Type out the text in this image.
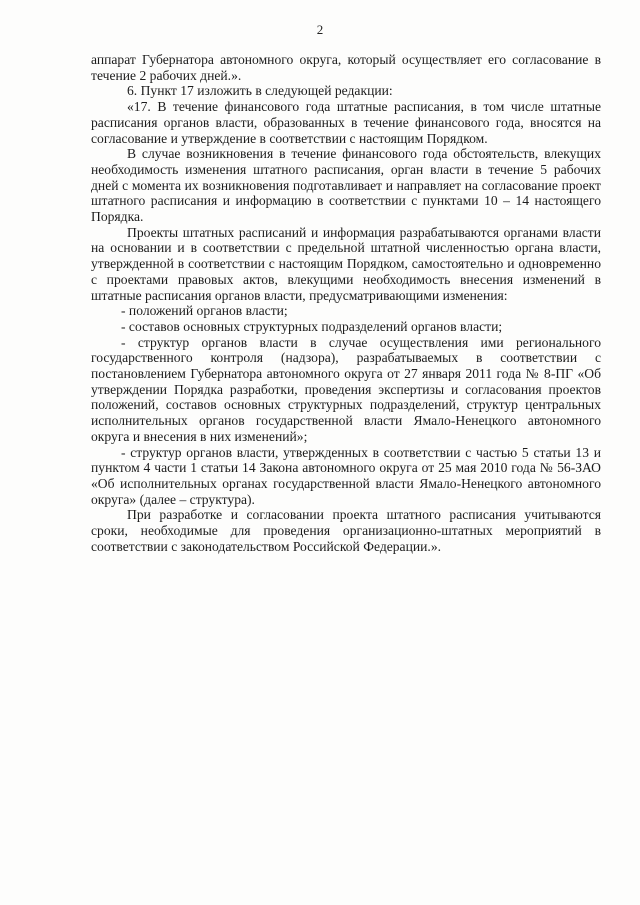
2

аппарат Губернатора автономного округа, который осуществляет его согласование в течение 2 рабочих дней.».

6. Пункт 17 изложить в следующей редакции:

«17. В течение финансового года штатные расписания, в том числе штатные расписания органов власти, образованных в течение финансового года, вносятся на согласование и утверждение в соответствии с настоящим Порядком.

В случае возникновения в течение финансового года обстоятельств, влекущих необходимость изменения штатного расписания, орган власти в течение 5 рабочих дней с момента их возникновения подготавливает и направляет на согласование проект штатного расписания и информацию в соответствии с пунктами 10 – 14 настоящего Порядка.

Проекты штатных расписаний и информация разрабатываются органами власти на основании и в соответствии с предельной штатной численностью органа власти, утвержденной в соответствии с настоящим Порядком, самостоятельно и одновременно с проектами правовых актов, влекущими необходимость внесения изменений в штатные расписания органов власти, предусматривающими изменения:

- положений органов власти;

- составов основных структурных подразделений органов власти;

- структур органов власти в случае осуществления ими регионального государственного контроля (надзора), разрабатываемых в соответствии с постановлением Губернатора автономного округа от 27 января 2011 года № 8-ПГ «Об утверждении Порядка разработки, проведения экспертизы и согласования проектов положений, составов основных структурных подразделений, структур центральных исполнительных органов государственной власти Ямало-Ненецкого автономного округа и внесения в них изменений»;

- структур органов власти, утвержденных в соответствии с частью 5 статьи 13 и пунктом 4 части 1 статьи 14 Закона автономного округа от 25 мая 2010 года № 56-ЗАО «Об исполнительных органах государственной власти Ямало-Ненецкого автономного округа» (далее – структура).

При разработке и согласовании проекта штатного расписания учитываются сроки, необходимые для проведения организационно-штатных мероприятий в соответствии с законодательством Российской Федерации.».
